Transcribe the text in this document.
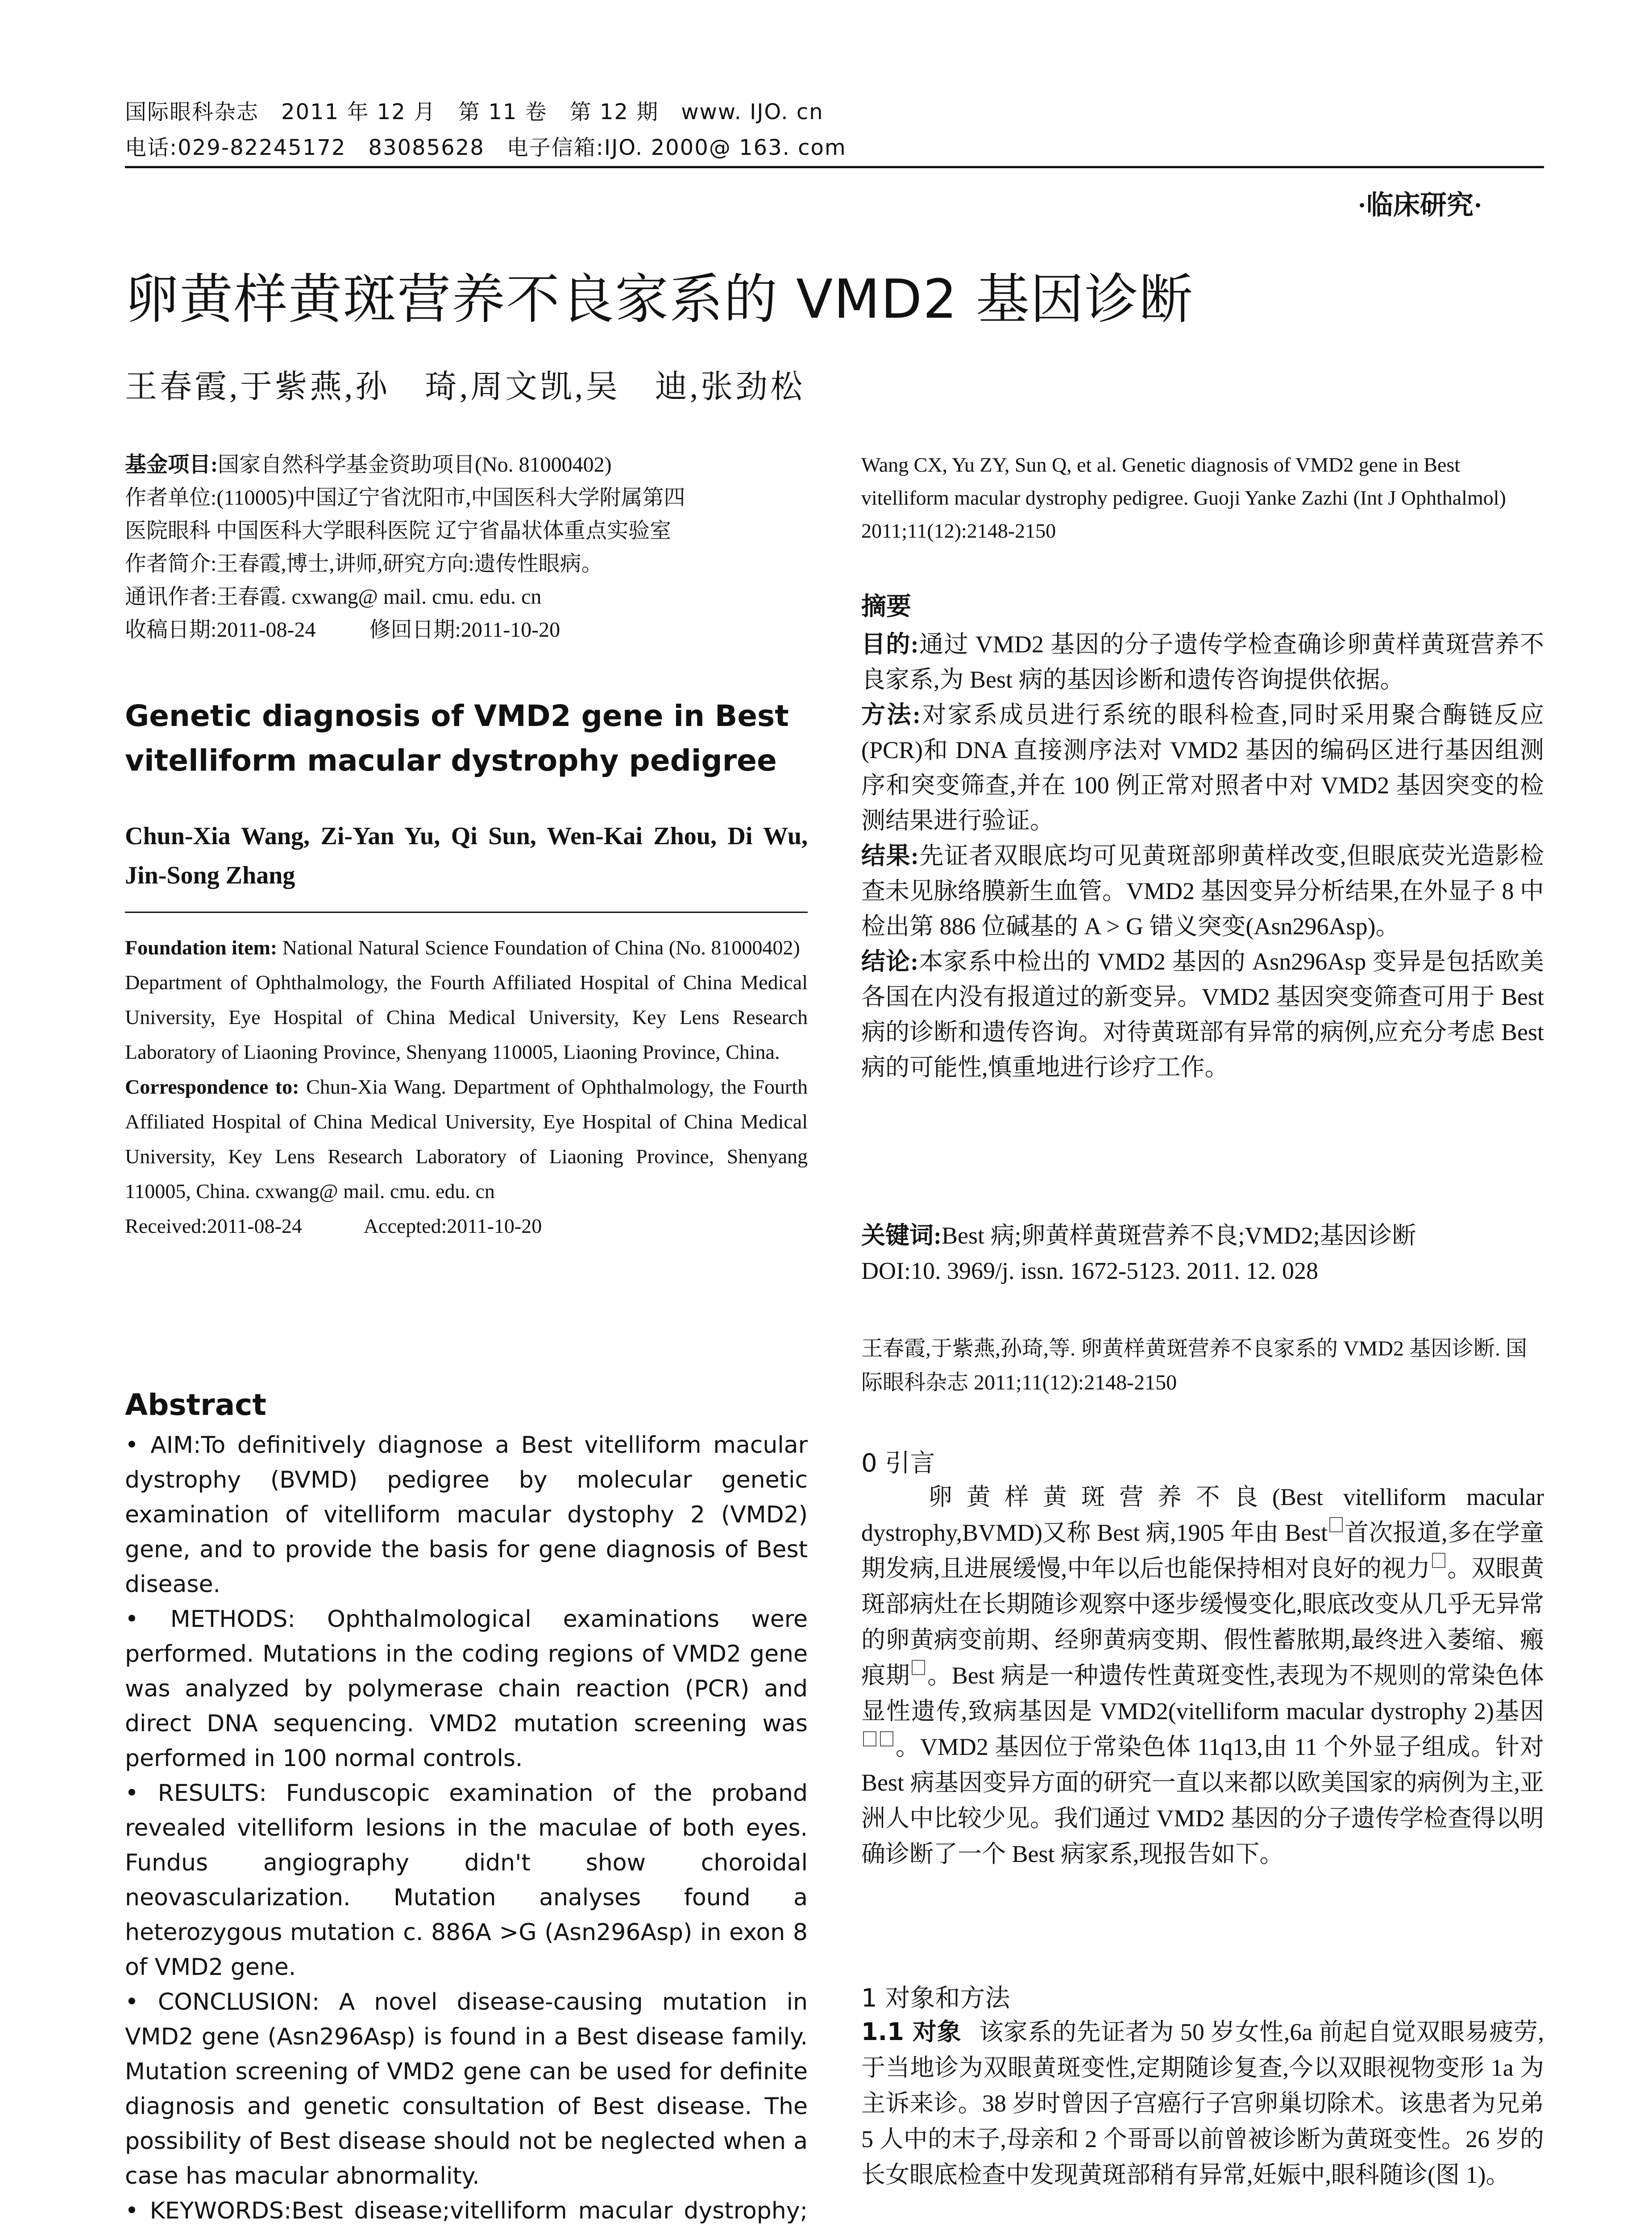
国际眼科杂志　2011 年 12 月　第 11 卷　第 12 期　www. IJO. cn
电话:029-82245172　83085628　电子信箱:IJO. 2000@ 163. com
·临床研究·
卵黄样黄斑营养不良家系的 VMD2 基因诊断
王春霞,于紫燕,孙　琦,周文凯,吴　迪,张劲松

基金项目:国家自然科学基金资助项目(No. 81000402)

作者单位:(110005)中国辽宁省沈阳市,中国医科大学附属第四

医院眼科 中国医科大学眼科医院 辽宁省晶状体重点实验室

作者简介:王春霞,博士,讲师,研究方向:遗传性眼病。

通讯作者:王春霞. cxwang@ mail. cmu. edu. cn

收稿日期:2011-08-24	修回日期:2011-10-20

Genetic diagnosis of VMD2 gene in Best vitelliform macular dystrophy pedigree
Chun-Xia Wang, Zi-Yan Yu, Qi Sun, Wen-Kai Zhou, Di Wu, Jin-Song Zhang

Foundation item: National Natural Science Foundation of China (No. 81000402)

Department of Ophthalmology, the Fourth Affiliated Hospital of China Medical University, Eye Hospital of China Medical University, Key Lens Research Laboratory of Liaoning Province, Shenyang 110005, Liaoning Province, China.

Correspondence to: Chun-Xia Wang. Department of Ophthalmology, the Fourth Affiliated Hospital of China Medical University, Eye Hospital of China Medical University, Key Lens Research Laboratory of Liaoning Province, Shenyang 110005, China. cxwang@ mail. cmu. edu. cn

Received:2011-08-24　　　Accepted:2011-10-20

Abstract

• AIM:To definitively diagnose a Best vitelliform macular dystrophy (BVMD) pedigree by molecular genetic examination of vitelliform macular dystophy 2 (VMD2) gene, and to provide the basis for gene diagnosis of Best disease.

• METHODS: Ophthalmological examinations were performed. Mutations in the coding regions of VMD2 gene was analyzed by polymerase chain reaction (PCR) and direct DNA sequencing. VMD2 mutation screening was performed in 100 normal controls.

• RESULTS: Funduscopic examination of the proband revealed vitelliform lesions in the maculae of both eyes. Fundus angiography didn't show choroidal neovascularization. Mutation analyses found a heterozygous mutation c. 886A >G (Asn296Asp) in exon 8 of VMD2 gene.

• CONCLUSION: A novel disease-causing mutation in VMD2 gene (Asn296Asp) is found in a Best disease family. Mutation screening of VMD2 gene can be used for definite diagnosis and genetic consultation of Best disease. The possibility of Best disease should not be neglected when a case has macular abnormality.

• KEYWORDS:Best disease;vitelliform macular dystrophy;

Wang CX, Yu ZY, Sun Q, et al. Genetic diagnosis of VMD2 gene in Best vitelliform macular dystrophy pedigree. Guoji Yanke Zazhi (Int J Ophthalmol) 2011;11(12):2148-2150
摘要

目的:通过 VMD2 基因的分子遗传学检查确诊卵黄样黄斑营养不良家系,为 Best 病的基因诊断和遗传咨询提供依据。

方法:对家系成员进行系统的眼科检查,同时采用聚合酶链反应(PCR)和 DNA 直接测序法对 VMD2 基因的编码区进行基因组测序和突变筛查,并在 100 例正常对照者中对 VMD2 基因突变的检测结果进行验证。

结果:先证者双眼底均可见黄斑部卵黄样改变,但眼底荧光造影检查未见脉络膜新生血管。VMD2 基因变异分析结果,在外显子 8 中检出第 886 位碱基的 A > G 错义突变(Asn296Asp)。

结论:本家系中检出的 VMD2 基因的 Asn296Asp 变异是包括欧美各国在内没有报道过的新变异。VMD2 基因突变筛查可用于 Best 病的诊断和遗传咨询。对待黄斑部有异常的病例,应充分考虑 Best 病的可能性,慎重地进行诊疗工作。

关键词:Best 病;卵黄样黄斑营养不良;VMD2;基因诊断
DOI:10. 3969/j. issn. 1672-5123. 2011. 12. 028
王春霞,于紫燕,孙琦,等. 卵黄样黄斑营养不良家系的 VMD2 基因诊断. 国际眼科杂志 2011;11(12):2148-2150
0 引言
卵黄样黄斑营养不良(Best vitelliform macular dystrophy,BVMD)又称 Best 病,1905 年由 Best 首次报道,多在学童期发病,且进展缓慢,中年以后也能保持相对良好的视力 。双眼黄斑部病灶在长期随诊观察中逐步缓慢变化,眼底改变从几乎无异常的卵黄病变前期、经卵黄病变期、假性蓄脓期,最终进入萎缩、瘢痕期 。Best 病是一种遗传性黄斑变性,表现为不规则的常染色体显性遗传,致病基因是 VMD2(vitelliform macular dystrophy 2)基因。VMD2 基因位于常染色体 11q13,由 11 个外显子组成。针对 Best 病基因变异方面的研究一直以来都以欧美国家的病例为主,亚洲人中比较少见。我们通过 VMD2 基因的分子遗传学检查得以明确诊断了一个 Best 病家系,现报告如下。
1 对象和方法
1.1 对象 该家系的先证者为 50 岁女性,6a 前起自觉双眼易疲劳,于当地诊为双眼黄斑变性,定期随诊复查,今以双眼视物变形 1a 为主诉来诊。38 岁时曾因子宫癌行子宫卵巢切除术。该患者为兄弟 5 人中的末子,母亲和 2 个哥哥以前曾被诊断为黄斑变性。26 岁的长女眼底检查中发现黄斑部稍有异常,妊娠中,眼科随诊(图 1)。
